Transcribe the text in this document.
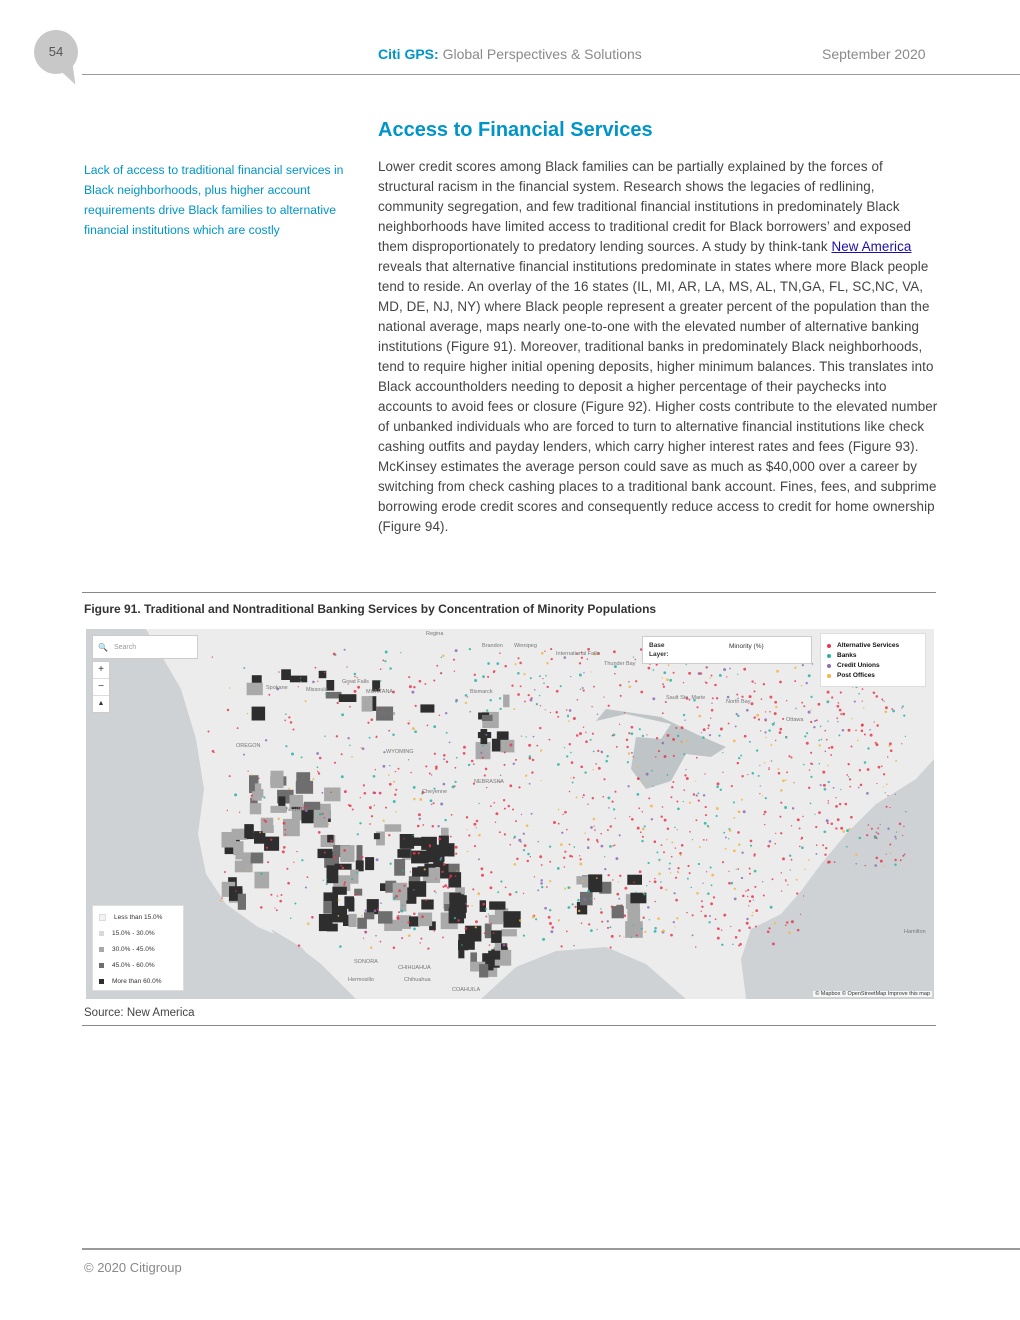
54	Citi GPS: Global Perspectives & Solutions	September 2020
Access to Financial Services
Lack of access to traditional financial services in Black neighborhoods, plus higher account requirements drive Black families to alternative financial institutions which are costly
Lower credit scores among Black families can be partially explained by the forces of structural racism in the financial system. Research shows the legacies of redlining, community segregation, and few traditional financial institutions in predominately Black neighborhoods have limited access to traditional credit for Black borrowers’ and exposed them disproportionately to predatory lending sources. A study by think-tank New America reveals that alternative financial institutions predominate in states where more Black people tend to reside. An overlay of the 16 states (IL, MI, AR, LA, MS, AL, TN,GA, FL, SC,NC, VA, MD, DE, NJ, NY) where Black people represent a greater percent of the population than the national average, maps nearly one-to-one with the elevated number of alternative banking institutions (Figure 91). Moreover, traditional banks in predominately Black neighborhoods, tend to require higher initial opening deposits, higher minimum balances. This translates into Black accountholders needing to deposit a higher percentage of their paychecks into accounts to avoid fees or closure (Figure 92). Higher costs contribute to the elevated number of unbanked individuals who are forced to turn to alternative financial institutions like check cashing outfits and payday lenders, which carry higher interest rates and fees (Figure 93). McKinsey estimates the average person could save as much as $40,000 over a career by switching from check cashing places to a traditional bank account. Fines, fees, and subprime borrowing erode credit scores and consequently reduce access to credit for home ownership (Figure 94).
Figure 91. Traditional and Nontraditional Banking Services by Concentration of Minority Populations
Regina
Brandon Winnipeg
International Falls
Thunder Bay
Spokane	Missoula
Great Falls
MONTANA	Bismarck
Billings
OREGON
WYOMING
NEBRASKA
Cheyenne
NEVADA
SONORA
CHIHUAHUA
Chihuahua
Hermosillo
COAHUILA
Sault Ste. Marie
North Bay
Ottawa
Hamilton
🔍 Search
+
−
▲
Base Layer:
Minority (%)	Alternative Services
Banks
Credit Unions
Post Offices
Less than 15.0%
15.0% - 30.0%
30.0% - 45.0%
45.0% - 60.0%
More than 60.0%
© Mapbox © OpenStreetMap Improve this map
Source: New America
© 2020 Citigroup
